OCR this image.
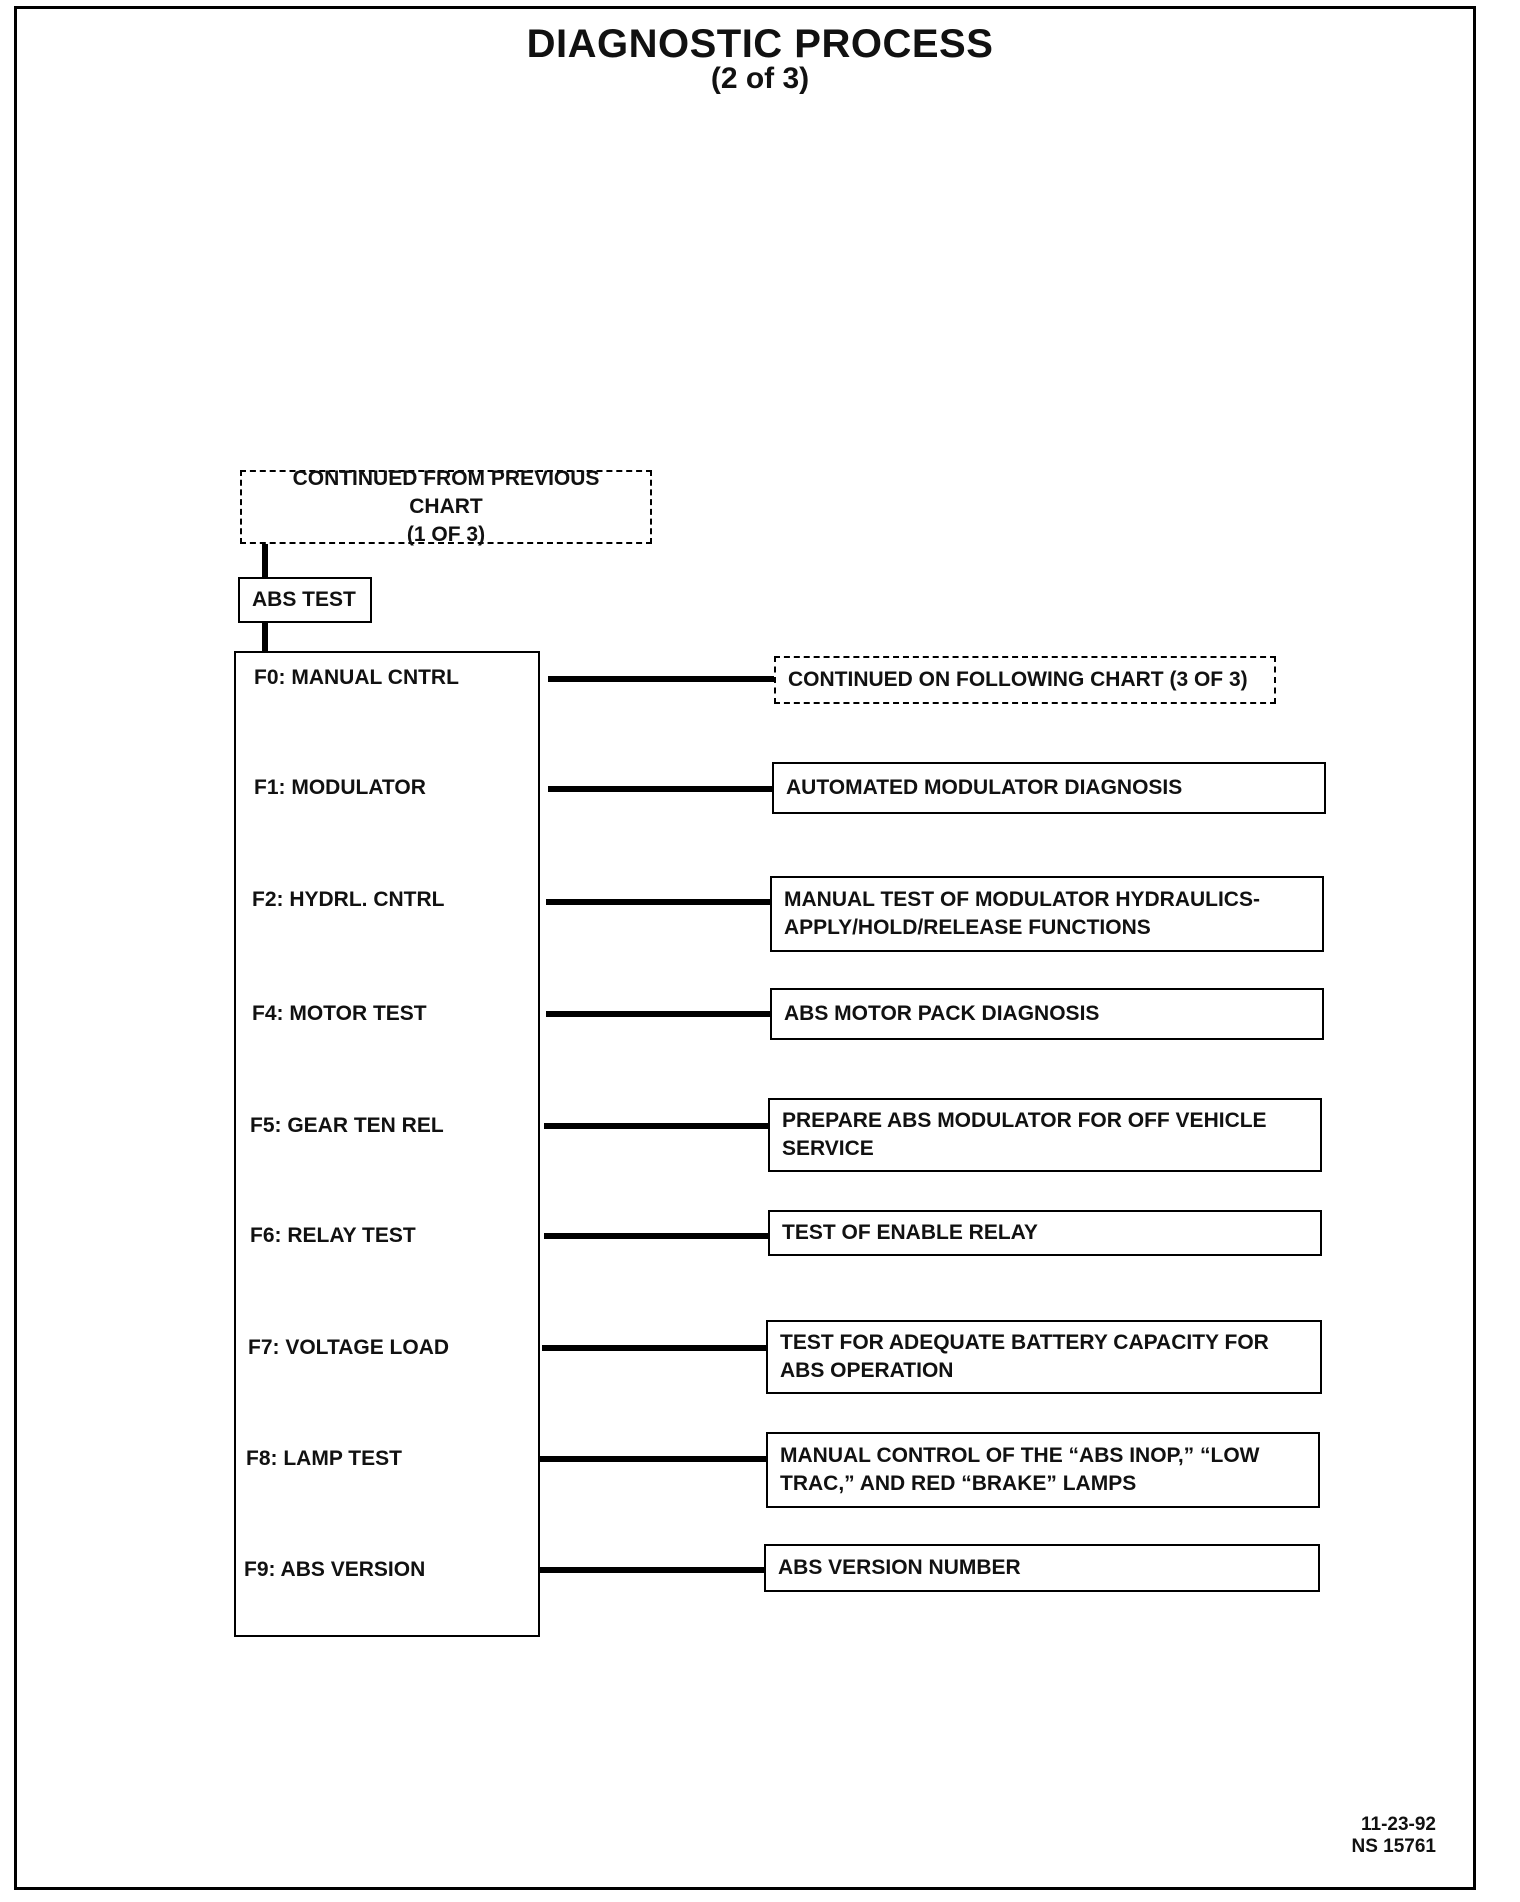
DIAGNOSTIC PROCESS
(2 of 3)
CONTINUED FROM PREVIOUS CHART
(1 OF 3)
ABS TEST
F0: MANUAL CNTRL	CONTINUED ON FOLLOWING CHART (3 OF 3)
F1: MODULATOR	AUTOMATED MODULATOR DIAGNOSIS
F2: HYDRL. CNTRL	MANUAL TEST OF MODULATOR HYDRAULICS-APPLY/HOLD/RELEASE FUNCTIONS
F4: MOTOR TEST	ABS MOTOR PACK DIAGNOSIS
F5: GEAR TEN REL	PREPARE ABS MODULATOR FOR OFF VEHICLE SERVICE
F6: RELAY TEST	TEST OF ENABLE RELAY
F7: VOLTAGE LOAD	TEST FOR ADEQUATE BATTERY CAPACITY FOR ABS OPERATION
F8: LAMP TEST	MANUAL CONTROL OF THE “ABS INOP,” “LOW TRAC,” AND RED “BRAKE” LAMPS
F9: ABS VERSION	ABS VERSION NUMBER
11-23-92
NS 15761
